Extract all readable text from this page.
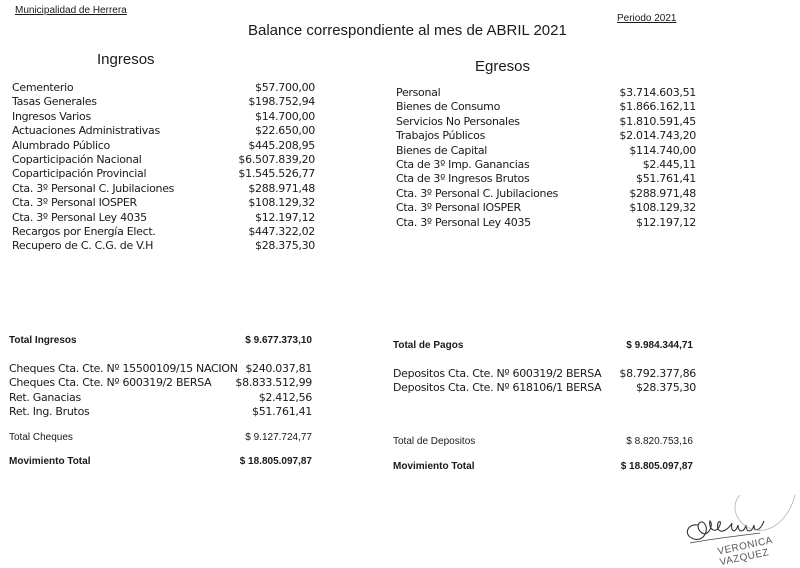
Municipalidad de Herrera
Periodo 2021
Balance correspondiente al mes de ABRIL 2021
Ingresos	Egresos
Cementerio	$57.700,00
Tasas Generales	$198.752,94
Ingresos Varios	$14.700,00
Actuaciones Administrativas	$22.650,00
Alumbrado Público	$445.208,95
Coparticipación Nacional	$6.507.839,20
Coparticipación Provincial	$1.545.526,77
Cta. 3º Personal C. Jubilaciones	$288.971,48
Cta. 3º Personal IOSPER	$108.129,32
Cta. 3º Personal Ley 4035	$12.197,12
Recargos por Energía Elect.	$447.322,02
Recupero de C. C.G. de V.H	$28.375,30
Personal	$3.714.603,51
Bienes de Consumo	$1.866.162,11
Servicios No Personales	$1.810.591,45
Trabajos Públicos	$2.014.743,20
Bienes de Capital	$114.740,00
Cta de 3º Imp. Ganancias	$2.445,11
Cta de 3º Ingresos Brutos	$51.761,41
Cta. 3º Personal C. Jubilaciones	$288.971,48
Cta. 3º Personal IOSPER	$108.129,32
Cta. 3º Personal Ley 4035	$12.197,12
Total Ingresos	$ 9.677.373,10
Cheques Cta. Cte. Nº 15500109/15 NACION $240.037,81
Cheques Cta. Cte. Nº 600319/2 BERSA $8.833.512,99
Ret. Ganacias	$2.412,56
Ret. Ing. Brutos	$51.761,41
Total Cheques	$ 9.127.724,77
Movimiento Total	$ 18.805.097,87
Total de Pagos	$ 9.984.344,71
Depositos Cta. Cte. Nº 600319/2 BERSA $8.792.377,86
Depositos Cta. Cte. Nº 618106/1 BERSA	$28.375,30
Total de Depositos	$ 8.820.753,16
Movimiento Total	$ 18.805.097,87
VERONICA VAZQUEZ
